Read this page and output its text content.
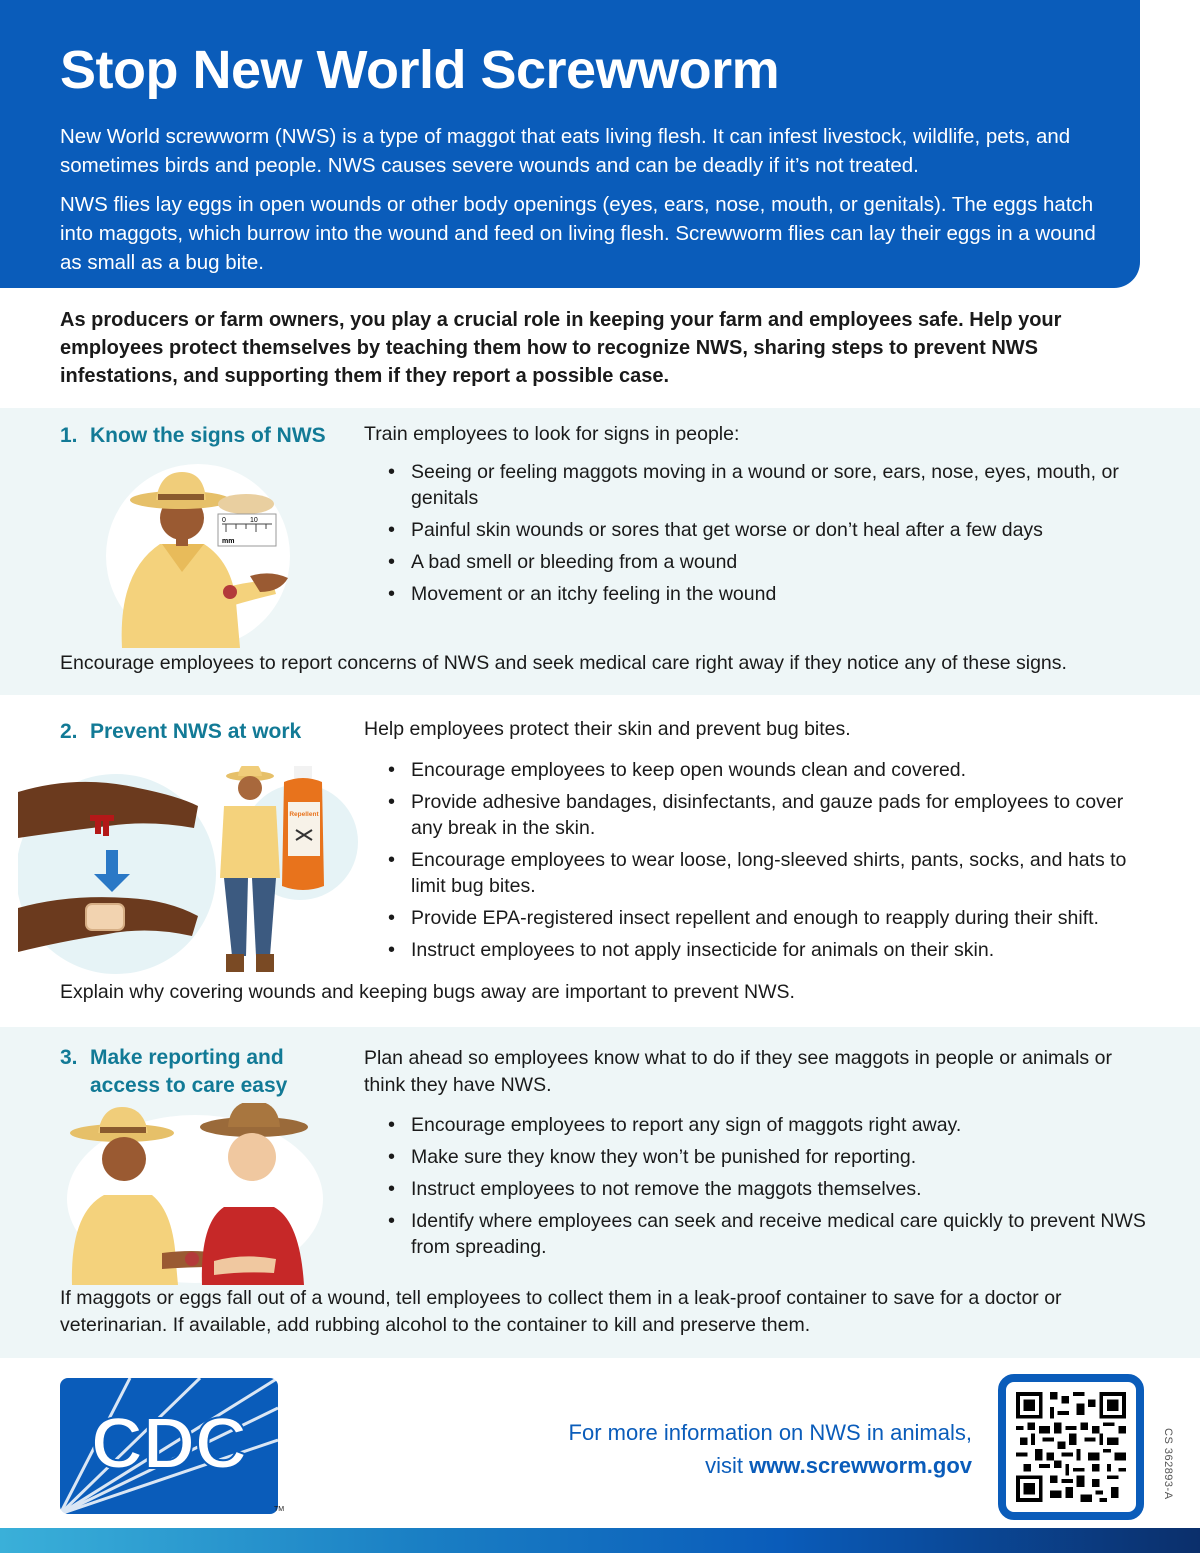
Stop New World Screwworm

New World screwworm (NWS) is a type of maggot that eats living flesh. It can infest livestock, wildlife, pets, and sometimes birds and people. NWS causes severe wounds and can be deadly if it’s not treated.

NWS flies lay eggs in open wounds or other body openings (eyes, ears, nose, mouth, or genitals). The eggs hatch into maggots, which burrow into the wound and feed on living flesh. Screwworm flies can lay their eggs in a wound as small as a bug bite.

As producers or farm owners, you play a crucial role in keeping your farm and employees safe. Help your employees protect themselves by teaching them how to recognize NWS, sharing steps to prevent NWS infestations, and supporting them if they report a possible case.
1. Know the signs of NWS Train employees to look for signs in people:
• Seeing or feeling maggots moving in a wound or sore, ears, nose, eyes, mouth, or genitals
• Painful skin wounds or sores that get worse or don’t heal after a few days
• A bad smell or bleeding from a wound
• Movement or an itchy feeling in the wound
Encourage employees to report concerns of NWS and seek medical care right away if they notice any of these signs.
0	10
mm
2. Prevent NWS at work	Help employees protect their skin and prevent bug bites.
• Encourage employees to keep open wounds clean and covered.
• Provide adhesive bandages, disinfectants, and gauze pads for employees to cover any break in the skin.
• Encourage employees to wear loose, long-sleeved shirts, pants, socks, and hats to limit bug bites.
• Provide EPA-registered insect repellent and enough to reapply during their shift.
• Instruct employees to not apply insecticide for animals on their skin.
Explain why covering wounds and keeping bugs away are important to prevent NWS.
Repellent
3. Make reporting and
access to care easy
Plan ahead so employees know what to do if they see maggots in people or animals or think they have NWS.
• Encourage employees to report any sign of maggots right away.
• Make sure they know they won’t be punished for reporting.
• Instruct employees to not remove the maggots themselves.
• Identify where employees can seek and receive medical care quickly to prevent NWS from spreading.
If maggots or eggs fall out of a wound, tell employees to collect them in a leak-proof container to save for a doctor or veterinarian. If available, add rubbing alcohol to the container to kill and preserve them.
CDC
TM
For more information on NWS in animals,
visit www.screwworm.gov	CS 362893-A
